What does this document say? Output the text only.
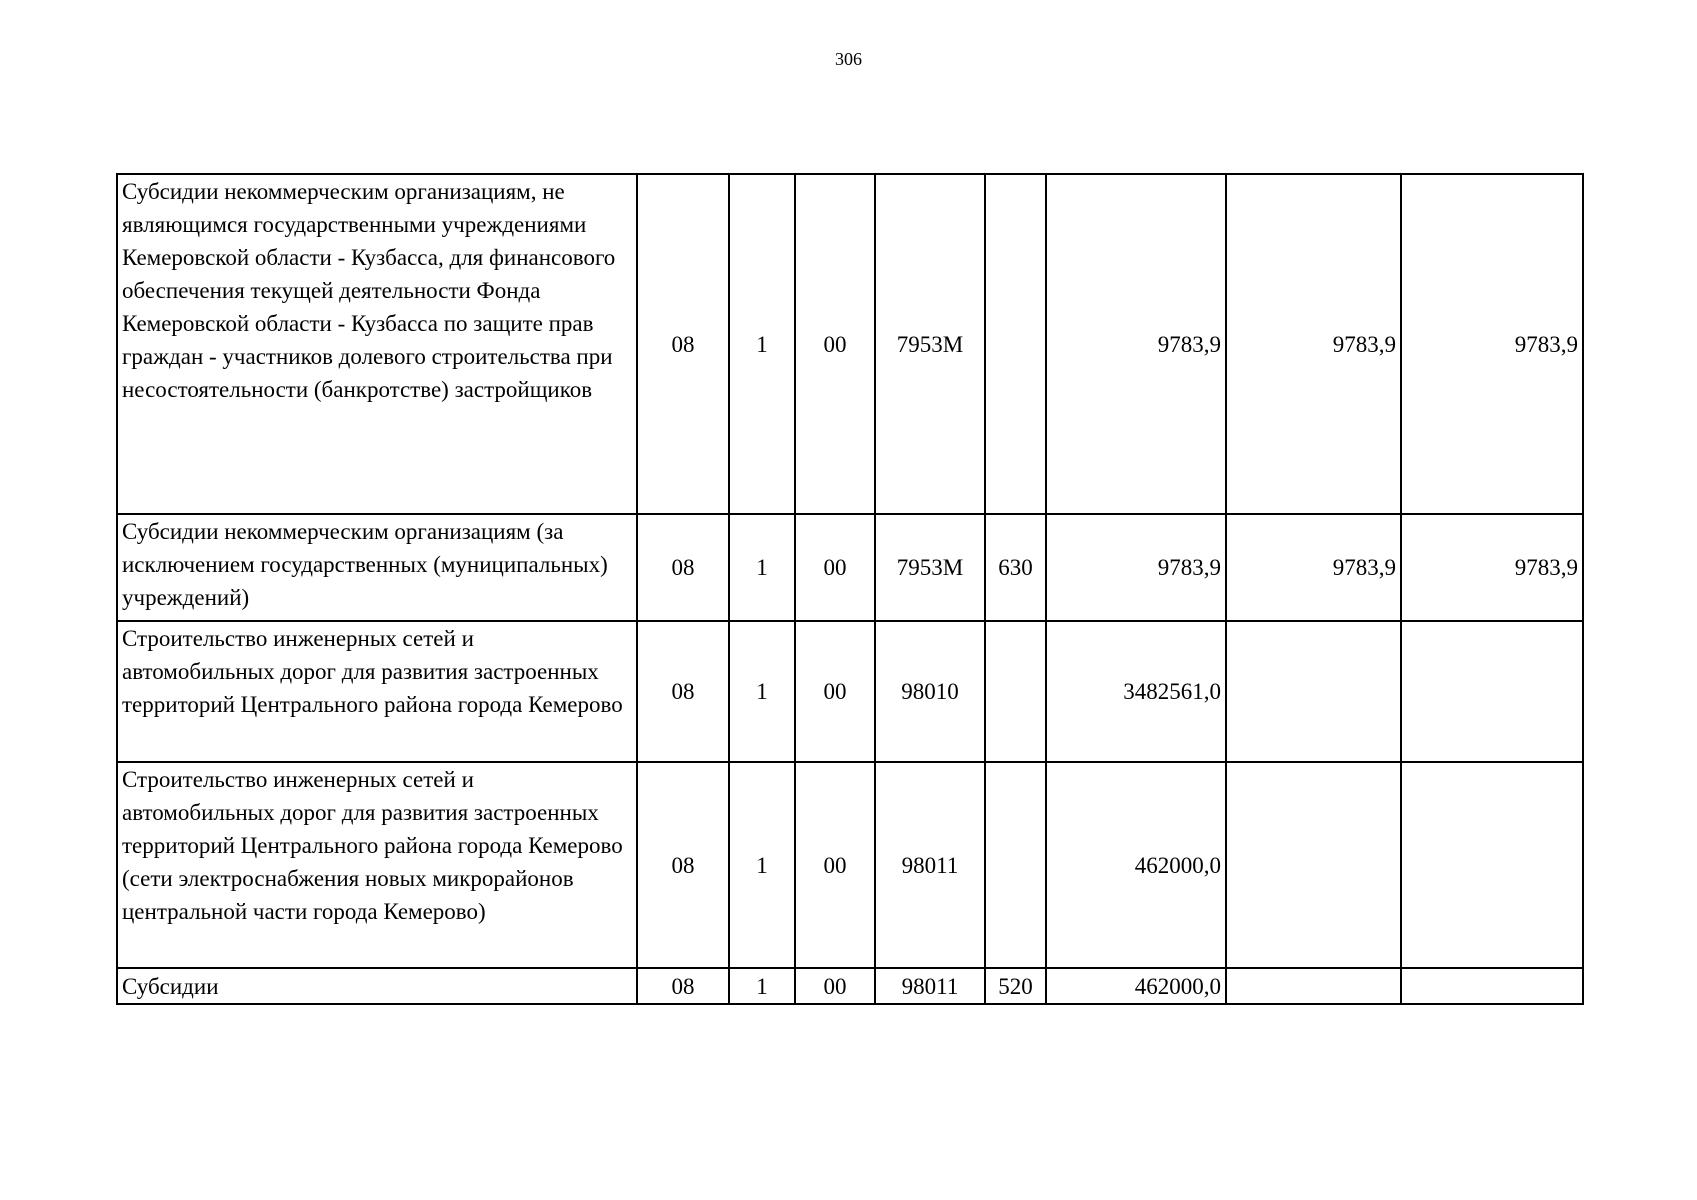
306
Субсидии некоммерческим организациям, не являющимся государственными учреждениями Кемеровской области - Кузбасса, для финансового обеспечения текущей деятельности Фонда Кемеровской области - Кузбасса по защите прав граждан - участников долевого строительства при несостоятельности (банкротстве) застройщиков	08	1	00	7953M		9783,9	9783,9	9783,9
Субсидии некоммерческим организациям (за исключением государственных (муниципальных) учреждений)	08	1	00	7953M	630	9783,9	9783,9	9783,9
Строительство инженерных сетей и автомобильных дорог для развития застроенных территорий Центрального района города Кемерово	08	1	00	98010		3482561,0		
Строительство инженерных сетей и автомобильных дорог для развития застроенных территорий Центрального района города Кемерово (сети электроснабжения новых микрорайонов центральной части города Кемерово)	08	1	00	98011		462000,0		
Субсидии	08	1	00	98011	520	462000,0		
